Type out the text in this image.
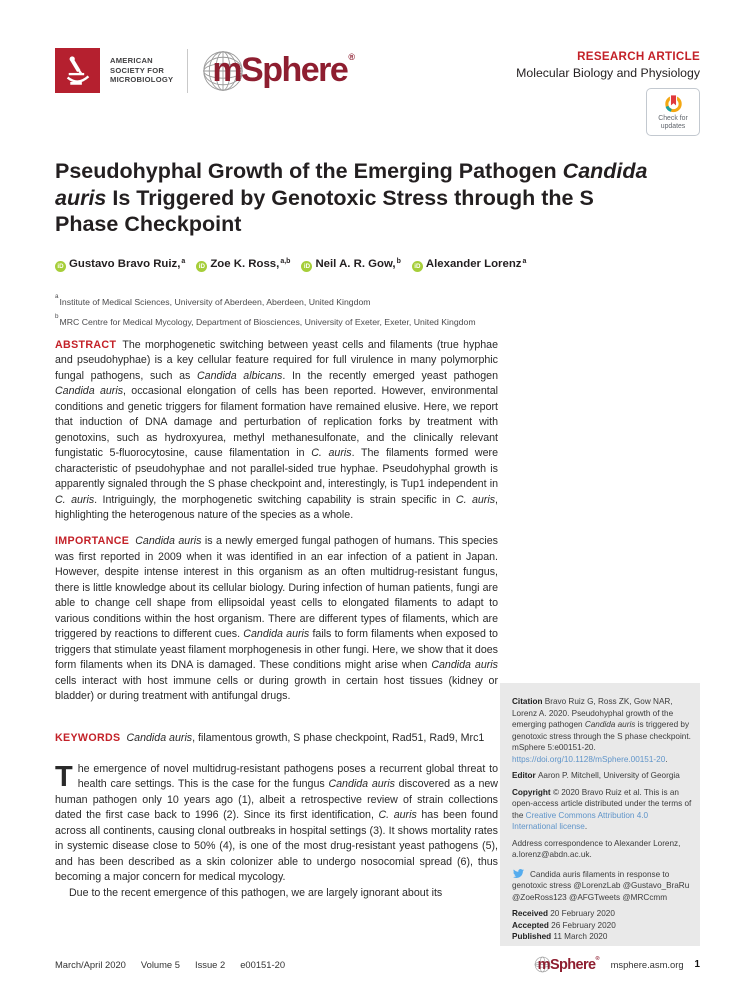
AMERICAN
SOCIETY FOR
MICROBIOLOGY mSphere ®	RESEARCH ARTICLE
Molecular Biology and Physiology
Check for
updates
Pseudohyphal Growth of the Emerging Pathogen Candida auris Is Triggered by Genotoxic Stress through the S Phase Checkpoint
iD Gustavo Bravo Ruiz,$^a$
iD Zoe K. Ross,$^{a,b}$
iD Neil A. R. Gow,$^b$
iD Alexander Lorenz$^a$
$^a$Institute of Medical Sciences, University of Aberdeen, Aberdeen, United Kingdom
$^b$MRC Centre for Medical Mycology, Department of Biosciences, University of Exeter, Exeter, United Kingdom

ABSTRACT The morphogenetic switching between yeast cells and filaments (true hyphae and pseudohyphae) is a key cellular feature required for full virulence in many polymorphic fungal pathogens, such as Candida albicans. In the recently emerged yeast pathogen Candida auris, occasional elongation of cells has been reported. However, environmental conditions and genetic triggers for filament formation have remained elusive. Here, we report that induction of DNA damage and perturbation of replication forks by treatment with genotoxins, such as hydroxyurea, methyl methanesulfonate, and the clinically relevant fungistatic 5-fluorocytosine, cause filamentation in C. auris. The filaments formed were characteristic of pseudohyphae and not parallel-sided true hyphae. Pseudohyphal growth is apparently signaled through the S phase checkpoint and, interestingly, is Tup1 independent in C. auris. Intriguingly, the morphogenetic switching capability is strain specific in C. auris, highlighting the heterogenous nature of the species as a whole.

IMPORTANCE Candida auris is a newly emerged fungal pathogen of humans. This species was first reported in 2009 when it was identified in an ear infection of a patient in Japan. However, despite intense interest in this organism as an often multidrug-resistant fungus, there is little knowledge about its cellular biology. During infection of human patients, fungi are able to change cell shape from ellipsoidal yeast cells to elongated filaments to adapt to various conditions within the host organism. There are different types of filaments, which are triggered by reactions to different cues. Candida auris fails to form filaments when exposed to triggers that stimulate yeast filament morphogenesis in other fungi. Here, we show that it does form filaments when its DNA is damaged. These conditions might arise when Candida auris cells interact with host immune cells or during growth in certain host tissues (kidney or bladder) or during treatment with antifungal drugs.

KEYWORDS Candida auris, filamentous growth, S phase checkpoint, Rad51, Rad9, Mrc1

The emergence of novel multidrug-resistant pathogens poses a recurrent global threat to health care settings. This is the case for the fungus Candida auris discovered as a new human pathogen only 10 years ago (1), albeit a retrospective review of strain collections dated the first case back to 1996 (2). Since its first identification, C. auris has been found across all continents, causing clonal outbreaks in hospital settings (3). It shows mortality rates in systemic disease close to 50% (4), is one of the most drug-resistant yeast pathogens (5), and has been described as a skin colonizer able to undergo nosocomial spread (6), thus becoming a major concern for medical mycology.

Due to the recent emergence of this pathogen, we are largely ignorant about its

Citation Bravo Ruiz G, Ross ZK, Gow NAR, Lorenz A. 2020. Pseudohyphal growth of the emerging pathogen Candida auris is triggered by genotoxic stress through the S phase checkpoint. mSphere 5:e00151-20. https://doi.org/10.1128/mSphere.00151-20.

Editor Aaron P. Mitchell, University of Georgia

Copyright © 2020 Bravo Ruiz et al. This is an open-access article distributed under the terms of the Creative Commons Attribution 4.0 International license.

Address correspondence to Alexander Lorenz, a.lorenz@abdn.ac.uk.

Candida auris filaments in response to genotoxic stress @LorenzLab @Gustavo_BraRu @ZoeRoss123 @AFGTweets @MRCcmm

Received 20 February 2020

Accepted 26 February 2020

Published 11 March 2020

March/April 2020 Volume 5 Issue 2 e00151-20	mSphere ®
msphere.asm.org 1
